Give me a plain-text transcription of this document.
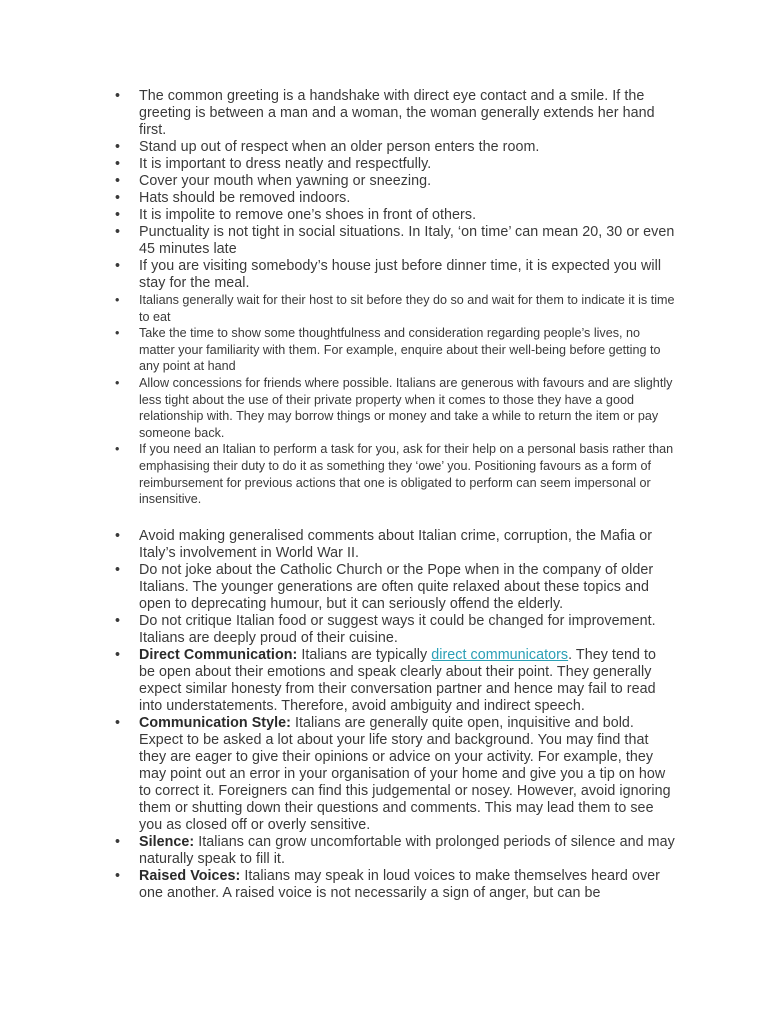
• The common greeting is a handshake with direct eye contact and a smile. If the greeting is between a man and a woman, the woman generally extends her hand first.
• Stand up out of respect when an older person enters the room.
• It is important to dress neatly and respectfully.
• Cover your mouth when yawning or sneezing.
• Hats should be removed indoors.
• It is impolite to remove one’s shoes in front of others.
• Punctuality is not tight in social situations. In Italy, ‘on time’ can mean 20, 30 or even 45 minutes late
• If you are visiting somebody’s house just before dinner time, it is expected you will stay for the meal.
• Italians generally wait for their host to sit before they do so and wait for them to indicate it is time to eat
• Take the time to show some thoughtfulness and consideration regarding people’s lives, no matter your familiarity with them. For example, enquire about their well-being before getting to any point at hand
• Allow concessions for friends where possible. Italians are generous with favours and are slightly less tight about the use of their private property when it comes to those they have a good relationship with. They may borrow things or money and take a while to return the item or pay someone back.
• If you need an Italian to perform a task for you, ask for their help on a personal basis rather than emphasising their duty to do it as something they ‘owe’ you. Positioning favours as a form of reimbursement for previous actions that one is obligated to perform can seem impersonal or insensitive.
• Avoid making generalised comments about Italian crime, corruption, the Mafia or Italy’s involvement in World War II.
• Do not joke about the Catholic Church or the Pope when in the company of older Italians. The younger generations are often quite relaxed about these topics and open to deprecating humour, but it can seriously offend the elderly.
• Do not critique Italian food or suggest ways it could be changed for improvement. Italians are deeply proud of their cuisine.
• Direct Communication: Italians are typically direct communicators. They tend to be open about their emotions and speak clearly about their point. They generally expect similar honesty from their conversation partner and hence may fail to read into understatements. Therefore, avoid ambiguity and indirect speech.
• Communication Style: Italians are generally quite open, inquisitive and bold. Expect to be asked a lot about your life story and background. You may find that they are eager to give their opinions or advice on your activity. For example, they may point out an error in your organisation of your home and give you a tip on how to correct it. Foreigners can find this judgemental or nosey. However, avoid ignoring them or shutting down their questions and comments. This may lead them to see you as closed off or overly sensitive.
• Silence: Italians can grow uncomfortable with prolonged periods of silence and may naturally speak to fill it.
• Raised Voices: Italians may speak in loud voices to make themselves heard over one another. A raised voice is not necessarily a sign of anger, but can be
